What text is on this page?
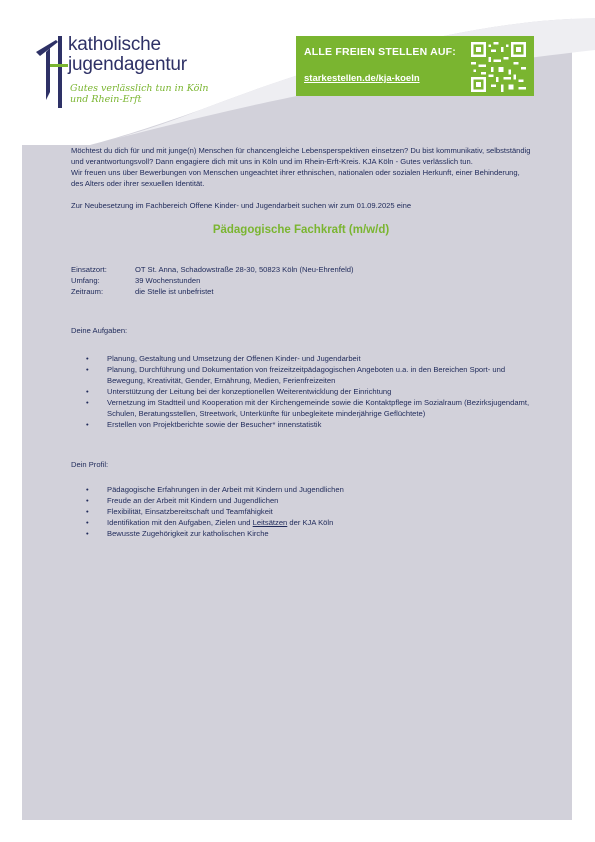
katholische
jugendagentur
Gutes verlässlich tun in Köln und Rhein-Erft
ALLE FREIEN STELLEN AUF:
starkestellen.de/kja-koeln

Möchtest du dich für und mit junge(n) Menschen für chancengleiche Lebensperspektiven einsetzen? Du bist kommunikativ, selbstständig und verantwortungsvoll? Dann engagiere dich mit uns in Köln und im Rhein-Erft-Kreis. KJA Köln - Gutes verlässlich tun.

Wir freuen uns über Bewerbungen von Menschen ungeachtet ihrer ethnischen, nationalen oder sozialen Herkunft, einer Behinderung, des Alters oder ihrer sexuellen Identität.

Zur Neubesetzung im Fachbereich Offene Kinder- und Jugendarbeit suchen wir zum 01.09.2025 eine

Pädagogische Fachkraft (m/w/d)
Einsatzort:	OT St. Anna, Schadowstraße 28-30, 50823 Köln (Neu-Ehrenfeld)
Umfang:	39 Wochenstunden
Zeitraum:	die Stelle ist unbefristet
Deine Aufgaben:
• Planung, Gestaltung und Umsetzung der Offenen Kinder- und Jugendarbeit
• Planung, Durchführung und Dokumentation von freizeitzeitpädagogischen Angeboten u.a. in den Bereichen Sport- und Bewegung, Kreativität, Gender, Ernährung, Medien, Ferienfreizeiten
• Unterstützung der Leitung bei der konzeptionellen Weiterentwicklung der Einrichtung
• Vernetzung im Stadtteil und Kooperation mit der Kirchengemeinde sowie die Kontaktpflege im Sozialraum (Bezirksjugendamt, Schulen, Beratungsstellen, Streetwork, Unterkünfte für unbegleitete minderjährige Geflüchtete)
• Erstellen von Projektberichte sowie der Besucher* innenstatistik
Dein Profil:
• Pädagogische Erfahrungen in der Arbeit mit Kindern und Jugendlichen
• Freude an der Arbeit mit Kindern und Jugendlichen
• Flexibilität, Einsatzbereitschaft und Teamfähigkeit
• Identifikation mit den Aufgaben, Zielen und Leitsätzen der KJA Köln
• Bewusste Zugehörigkeit zur katholischen Kirche
